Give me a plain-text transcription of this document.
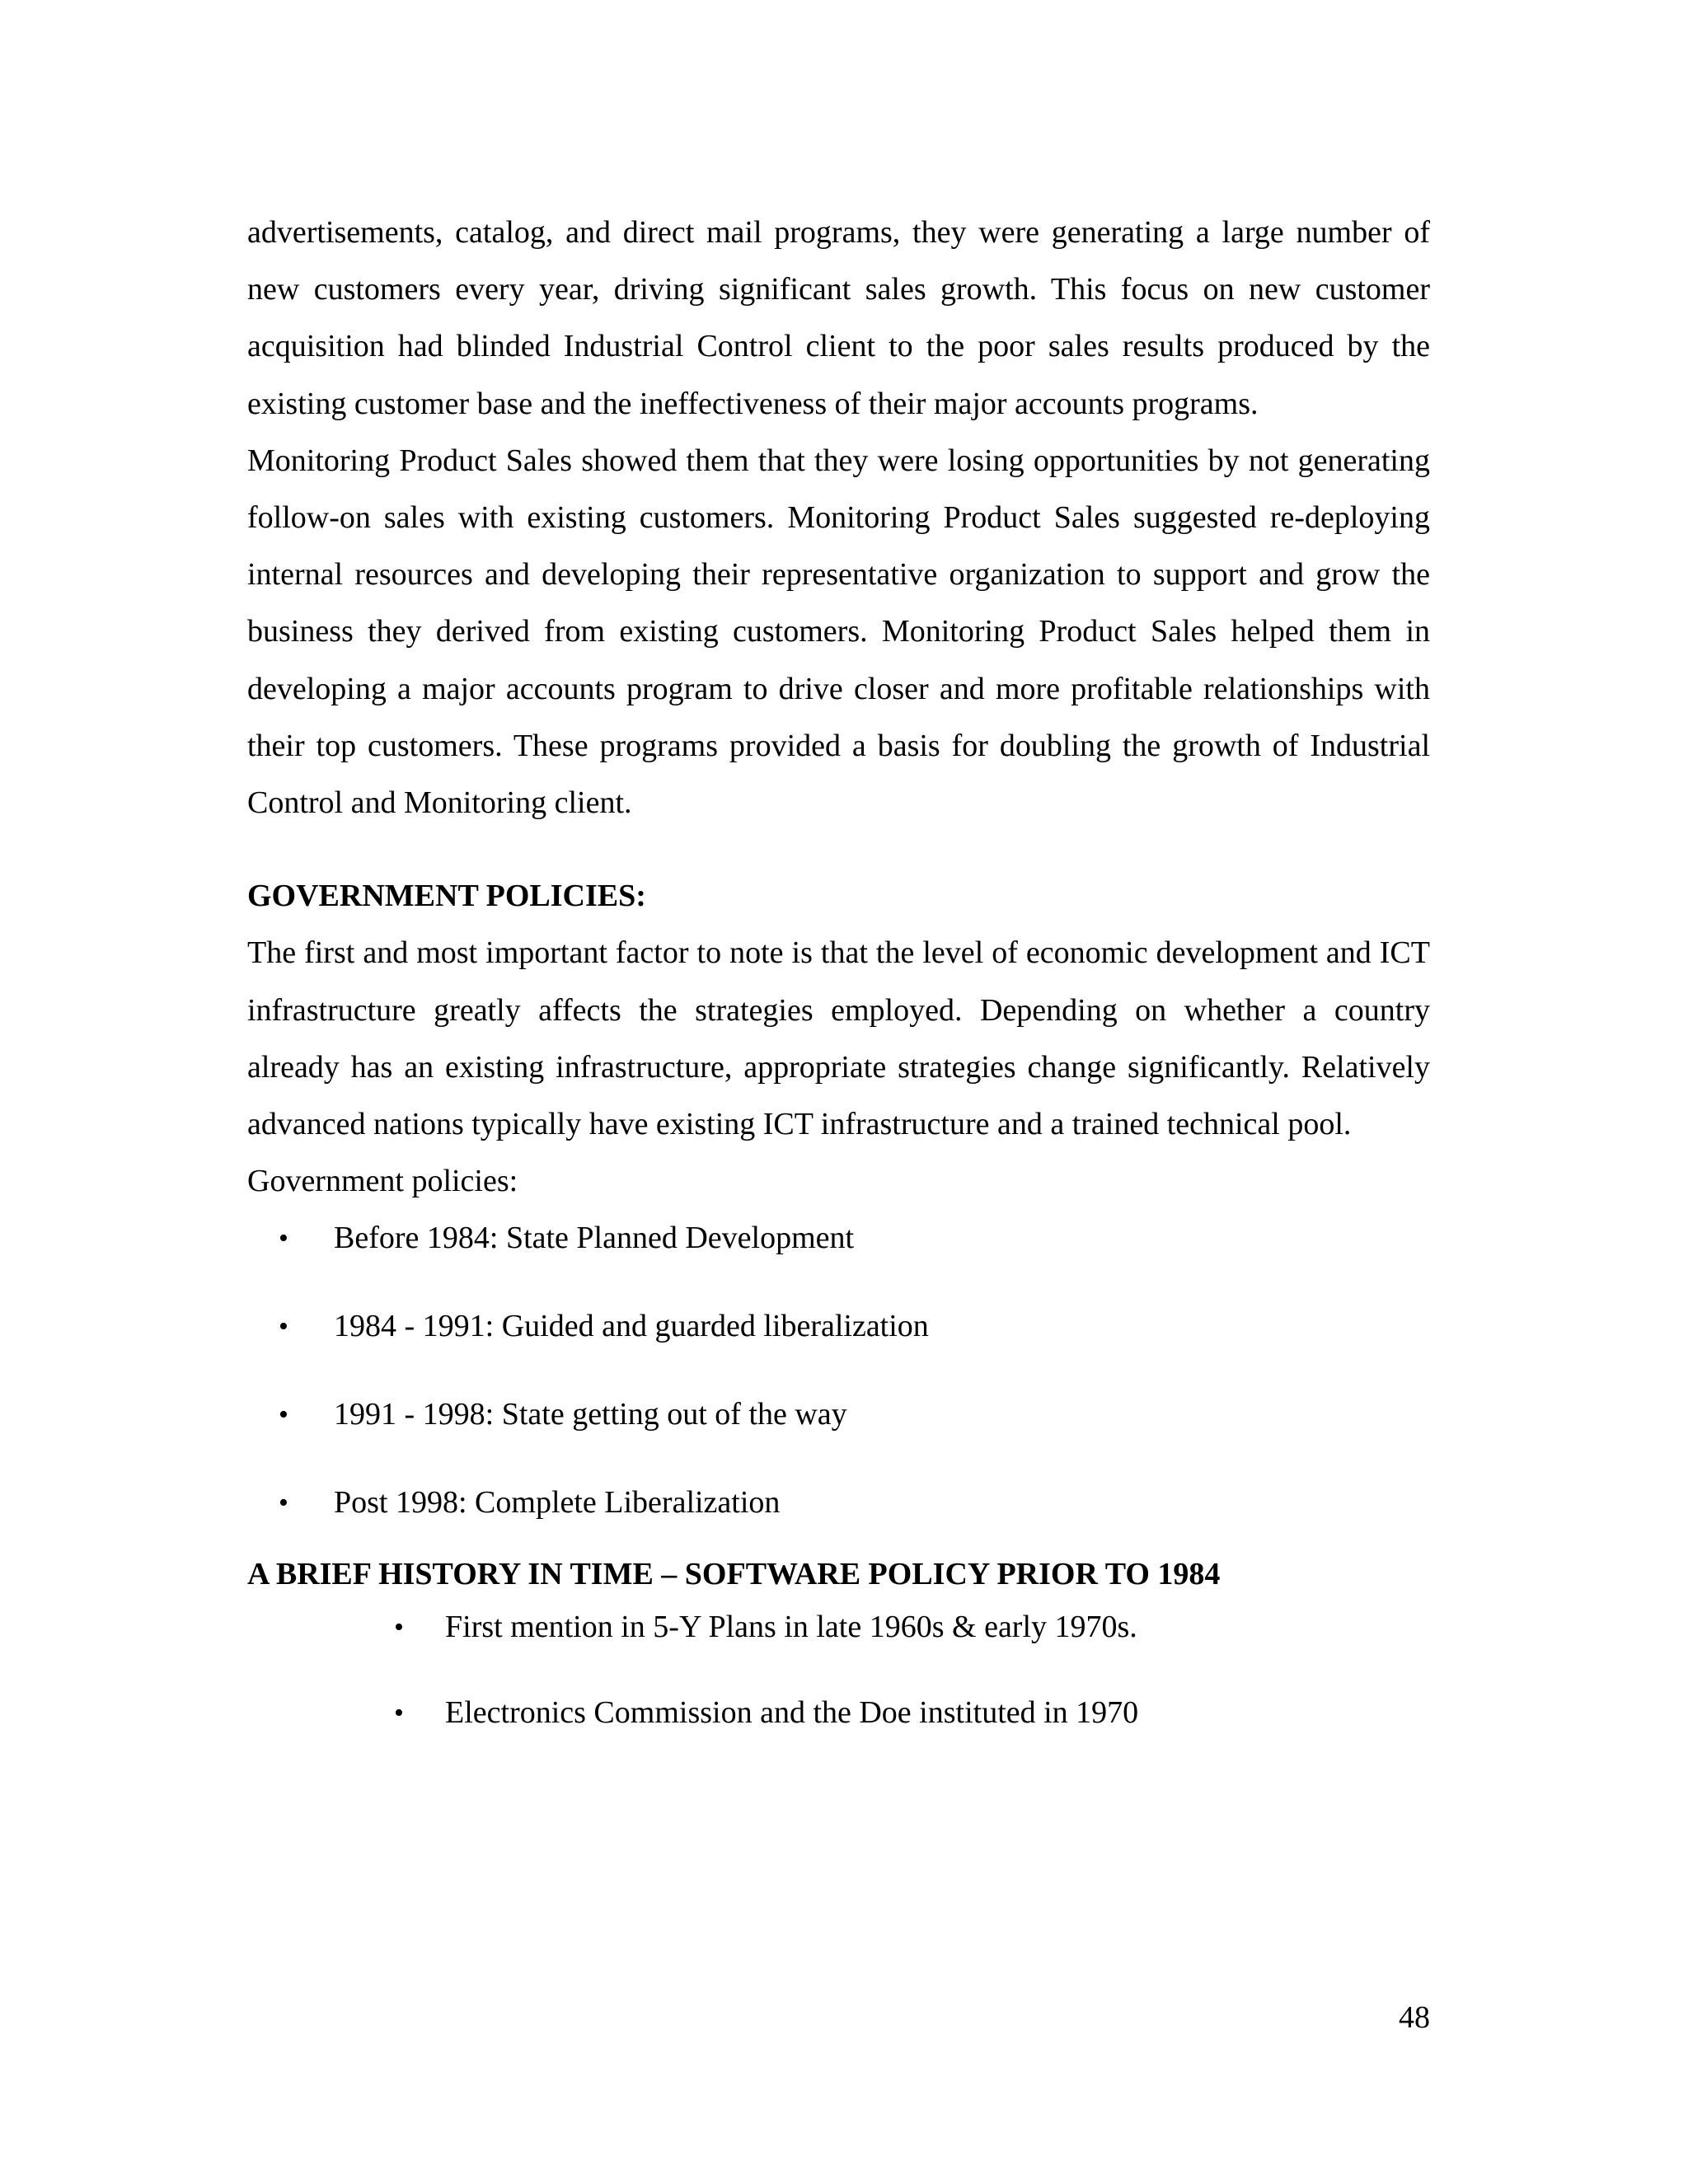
advertisements, catalog, and direct mail programs, they were generating a large number of new customers every year, driving significant sales growth. This focus on new customer acquisition had blinded Industrial Control client to the poor sales results produced by the existing customer base and the ineffectiveness of their major accounts programs.

Monitoring Product Sales showed them that they were losing opportunities by not generating follow-on sales with existing customers. Monitoring Product Sales suggested re-deploying internal resources and developing their representative organization to support and grow the business they derived from existing customers. Monitoring Product Sales helped them in developing a major accounts program to drive closer and more profitable relationships with their top customers. These programs provided a basis for doubling the growth of Industrial Control and Monitoring client.

GOVERNMENT POLICIES:

The first and most important factor to note is that the level of economic development and ICT infrastructure greatly affects the strategies employed. Depending on whether a country already has an existing infrastructure, appropriate strategies change significantly. Relatively advanced nations typically have existing ICT infrastructure and a trained technical pool.

Government policies:

• Before 1984: State Planned Development
• 1984 - 1991: Guided and guarded liberalization
• 1991 - 1998: State getting out of the way
• Post 1998: Complete Liberalization
A BRIEF HISTORY IN TIME – SOFTWARE POLICY PRIOR TO 1984
• First mention in 5-Y Plans in late 1960s & early 1970s.
• Electronics Commission and the Doe instituted in 1970
48
